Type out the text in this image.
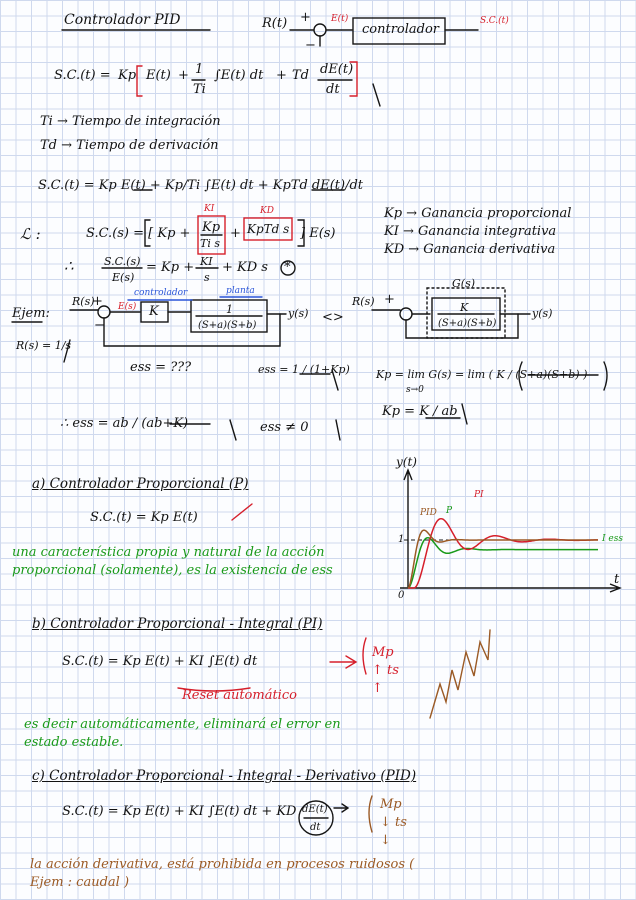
Controlador PID	R(t) +
−
E(t)
controlador
S.C.(t)
S.C.(t) = Kp E(t) + 1
Ti
∫E(t) dt + Td dE(t)
dt
Ti → Tiempo de integración
Td → Tiempo de derivación
S.C.(t) = Kp E(t) + Kp/Ti ∫E(t) dt + KpTd dE(t)/dt
ℒ :	S.C.(s) = [ Kp +
KI	KD
Kp
Ti s
+ KpTd s ] E(s)
Kp → Ganancia proporcional
KI → Ganancia integrativa
KD → Ganancia derivativa
∴	S.C.(s)
E(s)
= Kp + KI
s
+ KD s *
Ejem:
R(s) = 1/s
R(s)
+
−
E(s)
controlador	planta
K	1
(S+a)(S+b)
y(s) <>
R(s) +
G(s)
K
(S+a)(S+b)
y(s)
ess = ???	ess = 1 / (1+Kp) Kp = lim G(s) = lim ( K / (S+a)(S+b) )
s→0
Kp = K / ab
∴ ess = ab / (ab+K)	ess ≠ 0
y(t)
t
1
0
P
PI
PID
I ess
a) Controlador Proporcional (P)
S.C.(t) = Kp E(t)
una característica propia y natural de la acción proporcional (solamente), es la existencia de ess
b) Controlador Proporcional - Integral (PI)
S.C.(t) = Kp E(t) + KI ∫E(t) dt
Mp ↑ ts ↑
Reset automático
es decir automáticamente, eliminará el error en estado estable.
c) Controlador Proporcional - Integral - Derivativo (PID)
S.C.(t) = Kp E(t) + KI ∫E(t) dt + KD dE(t)
dt
Mp ↓ ts ↓
la acción derivativa, está prohibida en procesos ruidosos ( Ejem : caudal )
